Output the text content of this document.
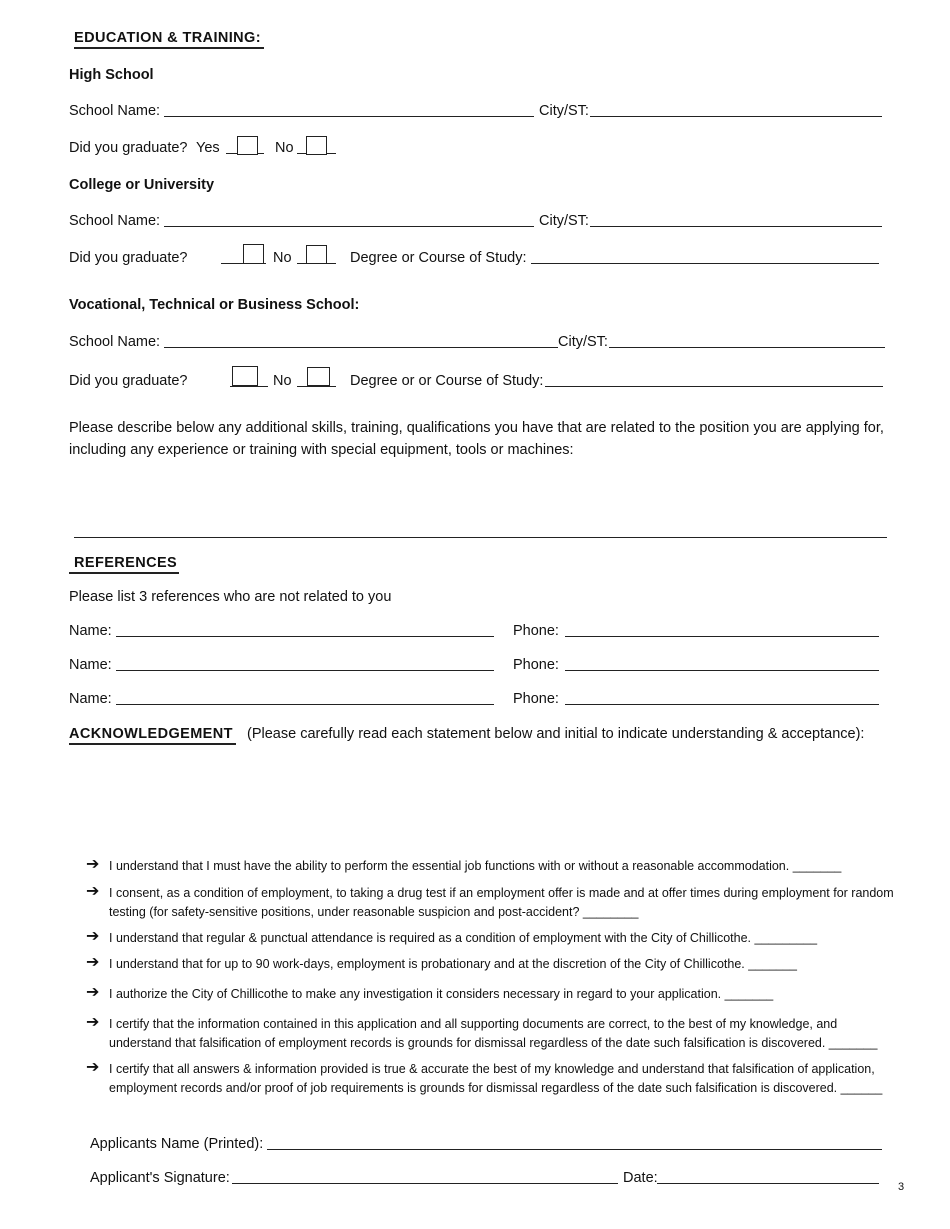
EDUCATION & TRAINING:
High School
School Name:	City/ST:
Did you graduate? Yes	No
College or University
School Name:	City/ST:
Did you graduate?	No	Degree or Course of Study:
Vocational, Technical or Business School:
School Name:	City/ST:
Did you graduate?	No	Degree or or Course of Study:
Please describe below any additional skills, training, qualifications you have that are related to the position you are applying for,
including any experience or training with special equipment, tools or machines:
REFERENCES
Please list 3 references who are not related to you
Name:	Phone:
Name:	Phone:
Name:	Phone:
ACKNOWLEDGEMENT (Please carefully read each statement below and initial to indicate understanding & acceptance):
➔ I understand that I must have the ability to perform the essential job functions with or without a reasonable accommodation. _______
➔ I consent, as a condition of employment, to taking a drug test if an employment offer is made and at offer times during employment for random testing (for safety-sensitive positions, under reasonable suspicion and post-accident? ________
➔ I understand that regular & punctual attendance is required as a condition of employment with the City of Chillicothe. _________
➔ I understand that for up to 90 work-days, employment is probationary and at the discretion of the City of Chillicothe. _______
➔ I authorize the City of Chillicothe to make any investigation it considers necessary in regard to your application. _______
➔ I certify that the information contained in this application and all supporting documents are correct, to the best of my knowledge, and understand that falsification of employment records is grounds for dismissal regardless of the date such falsification is discovered. _______
➔ I certify that all answers & information provided is true & accurate the best of my knowledge and understand that falsification of application, employment records and/or proof of job requirements is grounds for dismissal regardless of the date such falsification is discovered. ______
Applicants Name (Printed):
Applicant's Signature:	Date:
3
